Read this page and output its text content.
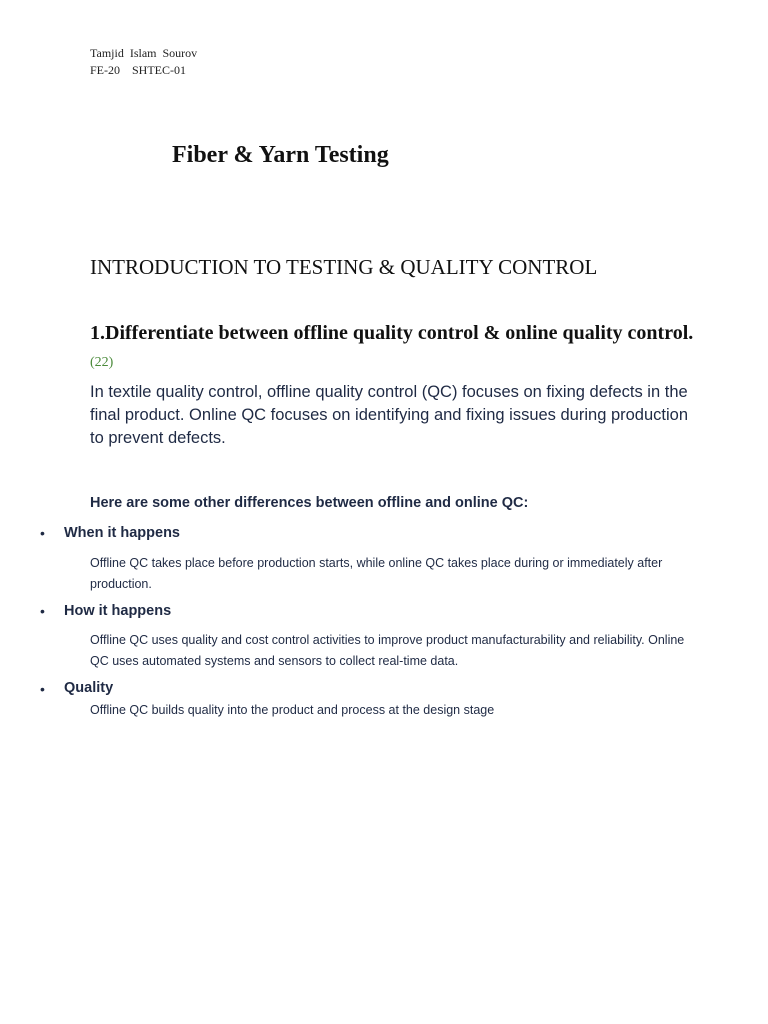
Tamjid  Islam  Sourov
FE-20    SHTEC-01
Fiber & Yarn Testing
INTRODUCTION TO TESTING & QUALITY CONTROL
1.Differentiate between offline quality control & online quality control. (22)

In textile quality control, offline quality control (QC) focuses on fixing defects in the final product. Online QC focuses on identifying and fixing issues during production to prevent defects.

Here are some other differences between offline and online QC:

• When it happens

Offline QC takes place before production starts, while online QC takes place during or immediately after production.

• How it happens

Offline QC uses quality and cost control activities to improve product manufacturability and reliability. Online QC uses automated systems and sensors to collect real-time data.

• Quality

Offline QC builds quality into the product and process at the design stage
